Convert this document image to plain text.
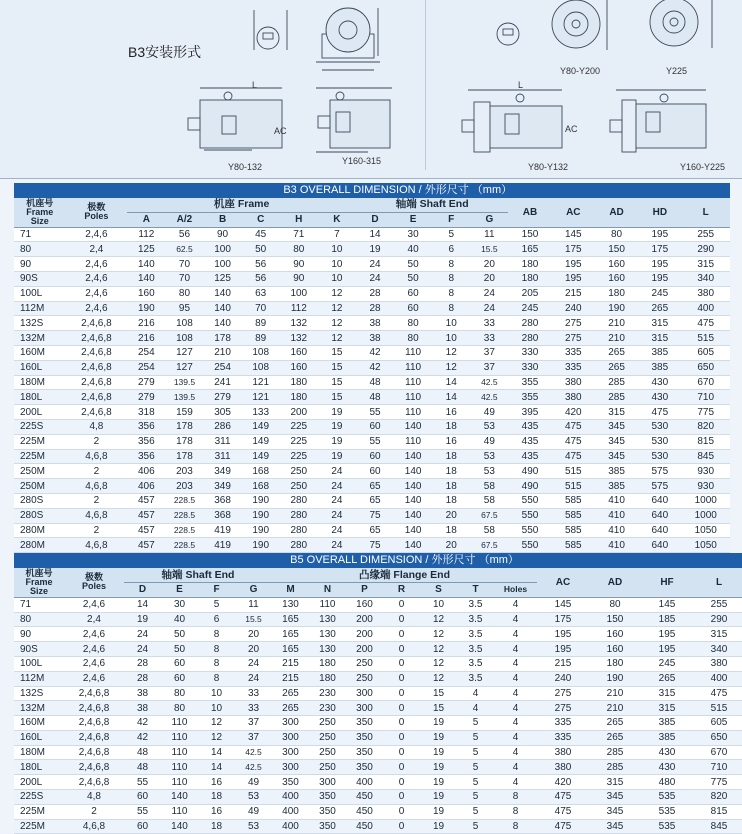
B3安装形式
Y80-132
Y160-315
Y80-Y200	Y225
Y80-Y132	Y160-Y225
L
AC
L
AC
	B3 OVERALL DIMENSION / 外形尺寸 （mm）															

机座号
Frame
Size	极数
Poles	机座 Frame						轴端 Shaft End				AB	AC	AD	HD	L
		A	A/2	B	C	H	K	D	E	F	G					
71	2,4,6	112	56	90	45	71	7	14	30	5	11	150	145	80	195	255
80	2,4	125	62.5	100	50	80	10	19	40	6	15.5	165	175	150	175	290
90	2,4,6	140	70	100	56	90	10	24	50	8	20	180	195	160	195	315
90S	2,4,6	140	70	125	56	90	10	24	50	8	20	180	195	160	195	340
100L	2,4,6	160	80	140	63	100	12	28	60	8	24	205	215	180	245	380
112M	2,4,6	190	95	140	70	112	12	28	60	8	24	245	240	190	265	400
132S	2,4,6,8	216	108	140	89	132	12	38	80	10	33	280	275	210	315	475
132M	2,4,6,8	216	108	178	89	132	12	38	80	10	33	280	275	210	315	515
160M	2,4,6,8	254	127	210	108	160	15	42	110	12	37	330	335	265	385	605
160L	2,4,6,8	254	127	254	108	160	15	42	110	12	37	330	335	265	385	650
180M	2,4,6,8	279	139.5	241	121	180	15	48	110	14	42.5	355	380	285	430	670
180L	2,4,6,8	279	139.5	279	121	180	15	48	110	14	42.5	355	380	285	430	710
200L	2,4,6,8	318	159	305	133	200	19	55	110	16	49	395	420	315	475	775
225S	4,8	356	178	286	149	225	19	60	140	18	53	435	475	345	530	820
225M	2	356	178	311	149	225	19	55	110	16	49	435	475	345	530	815
225M	4,6,8	356	178	311	149	225	19	60	140	18	53	435	475	345	530	845
250M	2	406	203	349	168	250	24	60	140	18	53	490	515	385	575	930
250M	4,6,8	406	203	349	168	250	24	65	140	18	58	490	515	385	575	930
280S	2	457	228.5	368	190	280	24	65	140	18	58	550	585	410	640	1000
280S	4,6,8	457	228.5	368	190	280	24	75	140	20	67.5	550	585	410	640	1000
280M	2	457	228.5	419	190	280	24	65	140	18	58	550	585	410	640	1050
280M	4,6,8	457	228.5	419	190	280	24	75	140	20	67.5	550	585	410	640	1050
	B5 OVERALL DIMENSION / 外形尺寸 （mm）															

机座号
Frame
Size	极数
Poles	轴端 Shaft End				凸缘端 Flange End							AC	AD	HF	L
		D	E	F	G	M	N	P	R	S	T	Holes				
71	2,4,6	14	30	5	11	130	110	160	0	10	3.5	4	145	80	145	255
80	2,4	19	40	6	15.5	165	130	200	0	12	3.5	4	175	150	185	290
90	2,4,6	24	50	8	20	165	130	200	0	12	3.5	4	195	160	195	315
90S	2,4,6	24	50	8	20	165	130	200	0	12	3.5	4	195	160	195	340
100L	2,4,6	28	60	8	24	215	180	250	0	12	3.5	4	215	180	245	380
112M	2,4,6	28	60	8	24	215	180	250	0	12	3.5	4	240	190	265	400
132S	2,4,6,8	38	80	10	33	265	230	300	0	15	4	4	275	210	315	475
132M	2,4,6,8	38	80	10	33	265	230	300	0	15	4	4	275	210	315	515
160M	2,4,6,8	42	110	12	37	300	250	350	0	19	5	4	335	265	385	605
160L	2,4,6,8	42	110	12	37	300	250	350	0	19	5	4	335	265	385	650
180M	2,4,6,8	48	110	14	42.5	300	250	350	0	19	5	4	380	285	430	670
180L	2,4,6,8	48	110	14	42.5	300	250	350	0	19	5	4	380	285	430	710
200L	2,4,6,8	55	110	16	49	350	300	400	0	19	5	4	420	315	480	775
225S	4,8	60	140	18	53	400	350	450	0	19	5	8	475	345	535	820
225M	2	55	110	16	49	400	350	450	0	19	5	8	475	345	535	815
225M	4,6,8	60	140	18	53	400	350	450	0	19	5	8	475	345	535	845
